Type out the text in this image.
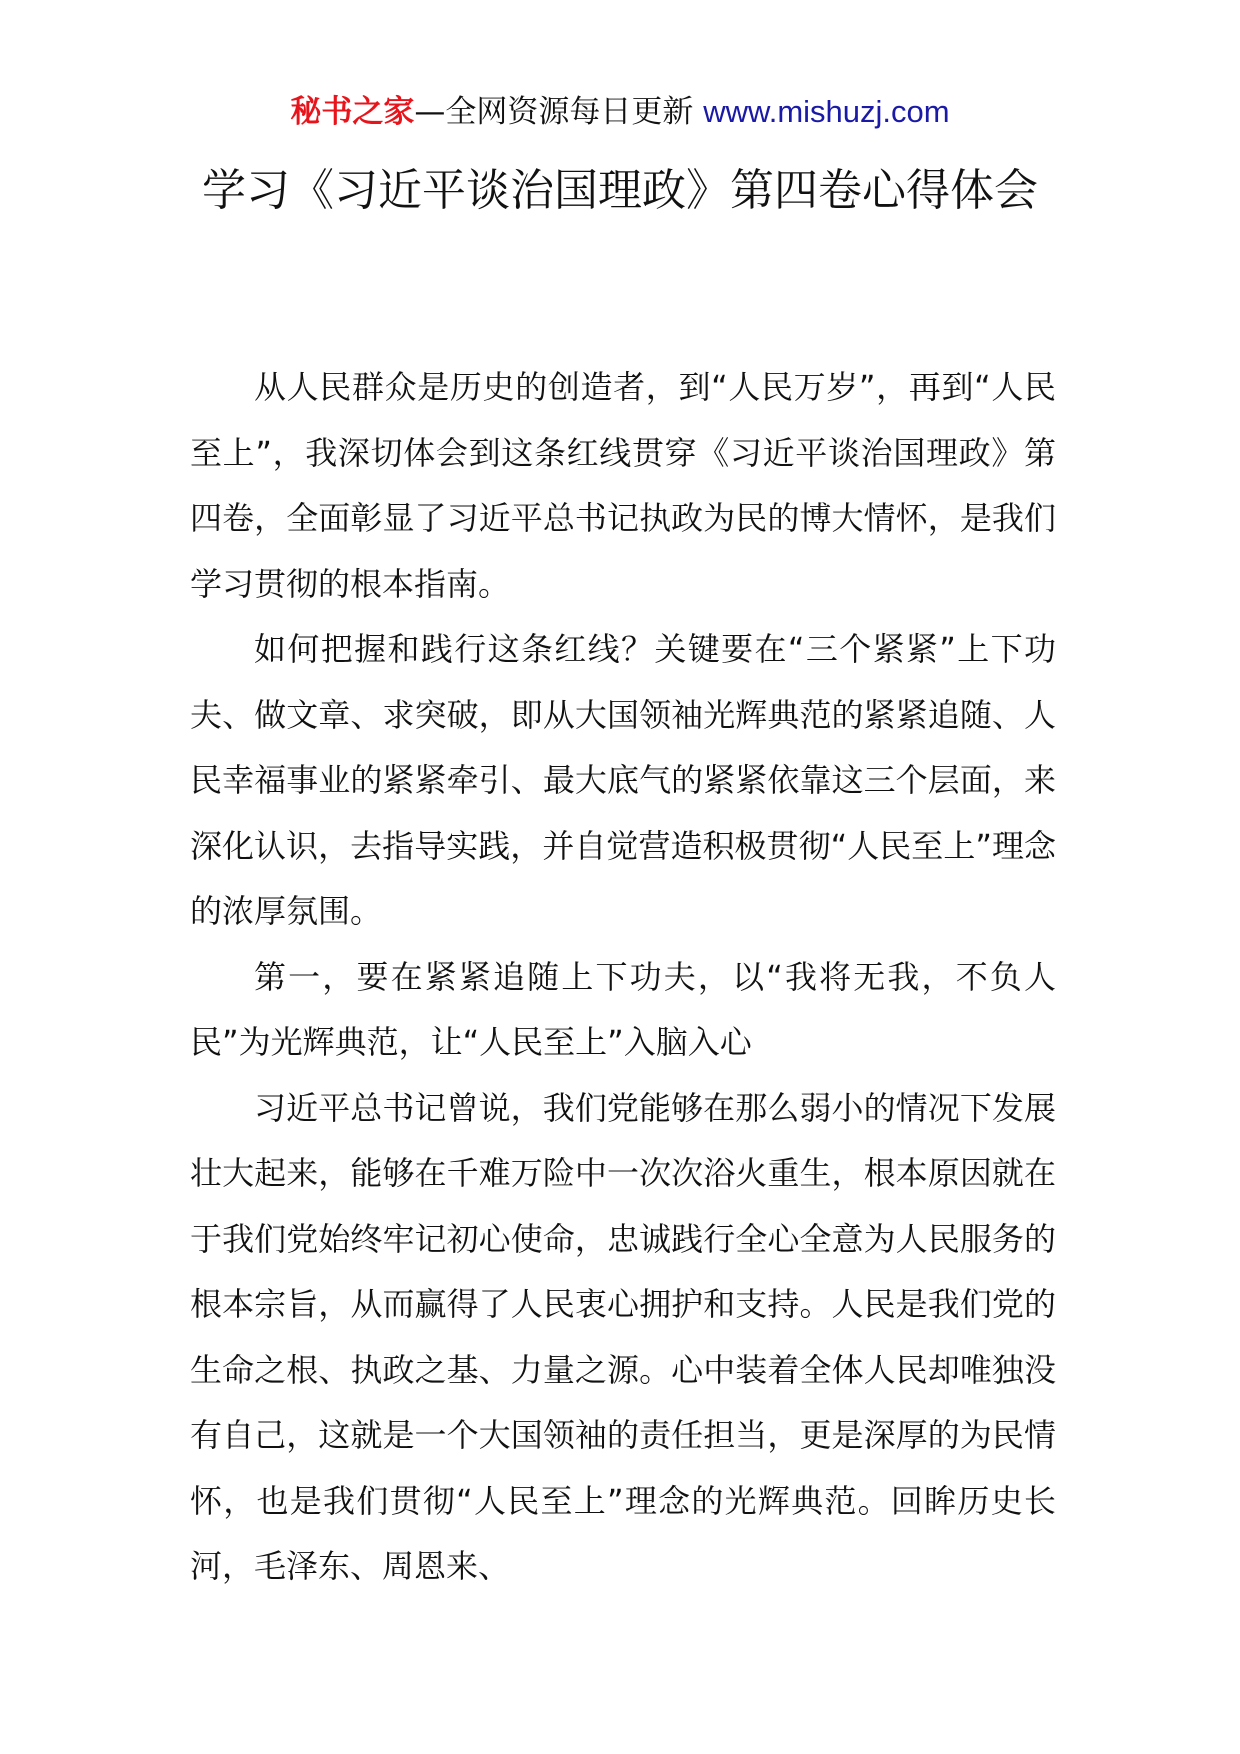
秘书之家—全网资源每日更新 www.mishuzj.com
学习《习近平谈治国理政》第四卷心得体会

从人民群众是历史的创造者，到“人民万岁”，再到“人民至上”，我深切体会到这条红线贯穿《习近平谈治国理政》第四卷，全面彰显了习近平总书记执政为民的博大情怀，是我们学习贯彻的根本指南。

如何把握和践行这条红线？关键要在“三个紧紧”上下功夫、做文章、求突破，即从大国领袖光辉典范的紧紧追随、人民幸福事业的紧紧牵引、最大底气的紧紧依靠这三个层面，来深化认识，去指导实践，并自觉营造积极贯彻“人民至上”理念的浓厚氛围。

第一，要在紧紧追随上下功夫，以“我将无我，不负人民”为光辉典范，让“人民至上”入脑入心

习近平总书记曾说，我们党能够在那么弱小的情况下发展壮大起来，能够在千难万险中一次次浴火重生，根本原因就在于我们党始终牢记初心使命，忠诚践行全心全意为人民服务的根本宗旨，从而赢得了人民衷心拥护和支持。人民是我们党的生命之根、执政之基、力量之源。心中装着全体人民却唯独没有自己，这就是一个大国领袖的责任担当，更是深厚的为民情怀，也是我们贯彻“人民至上”理念的光辉典范。回眸历史长河，毛泽东、周恩来、
